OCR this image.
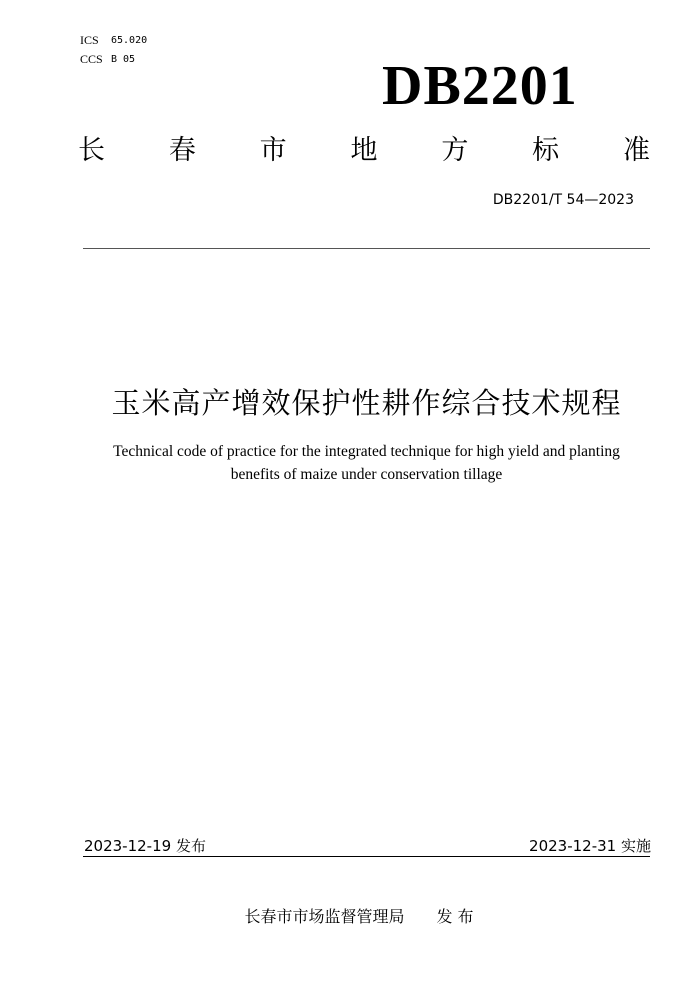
ICS 65.020
CCS B 05	DB2201
长 春 市 地 方 标 准
DB2201/T 54—2023
玉米高产增效保护性耕作综合技术规程
Technical code of practice for the integrated technique for high yield and planting
benefits of maize under conservation tillage
2023-12-19 发布	2023-12-31 实施
长春市市场监督管理局 发 布
